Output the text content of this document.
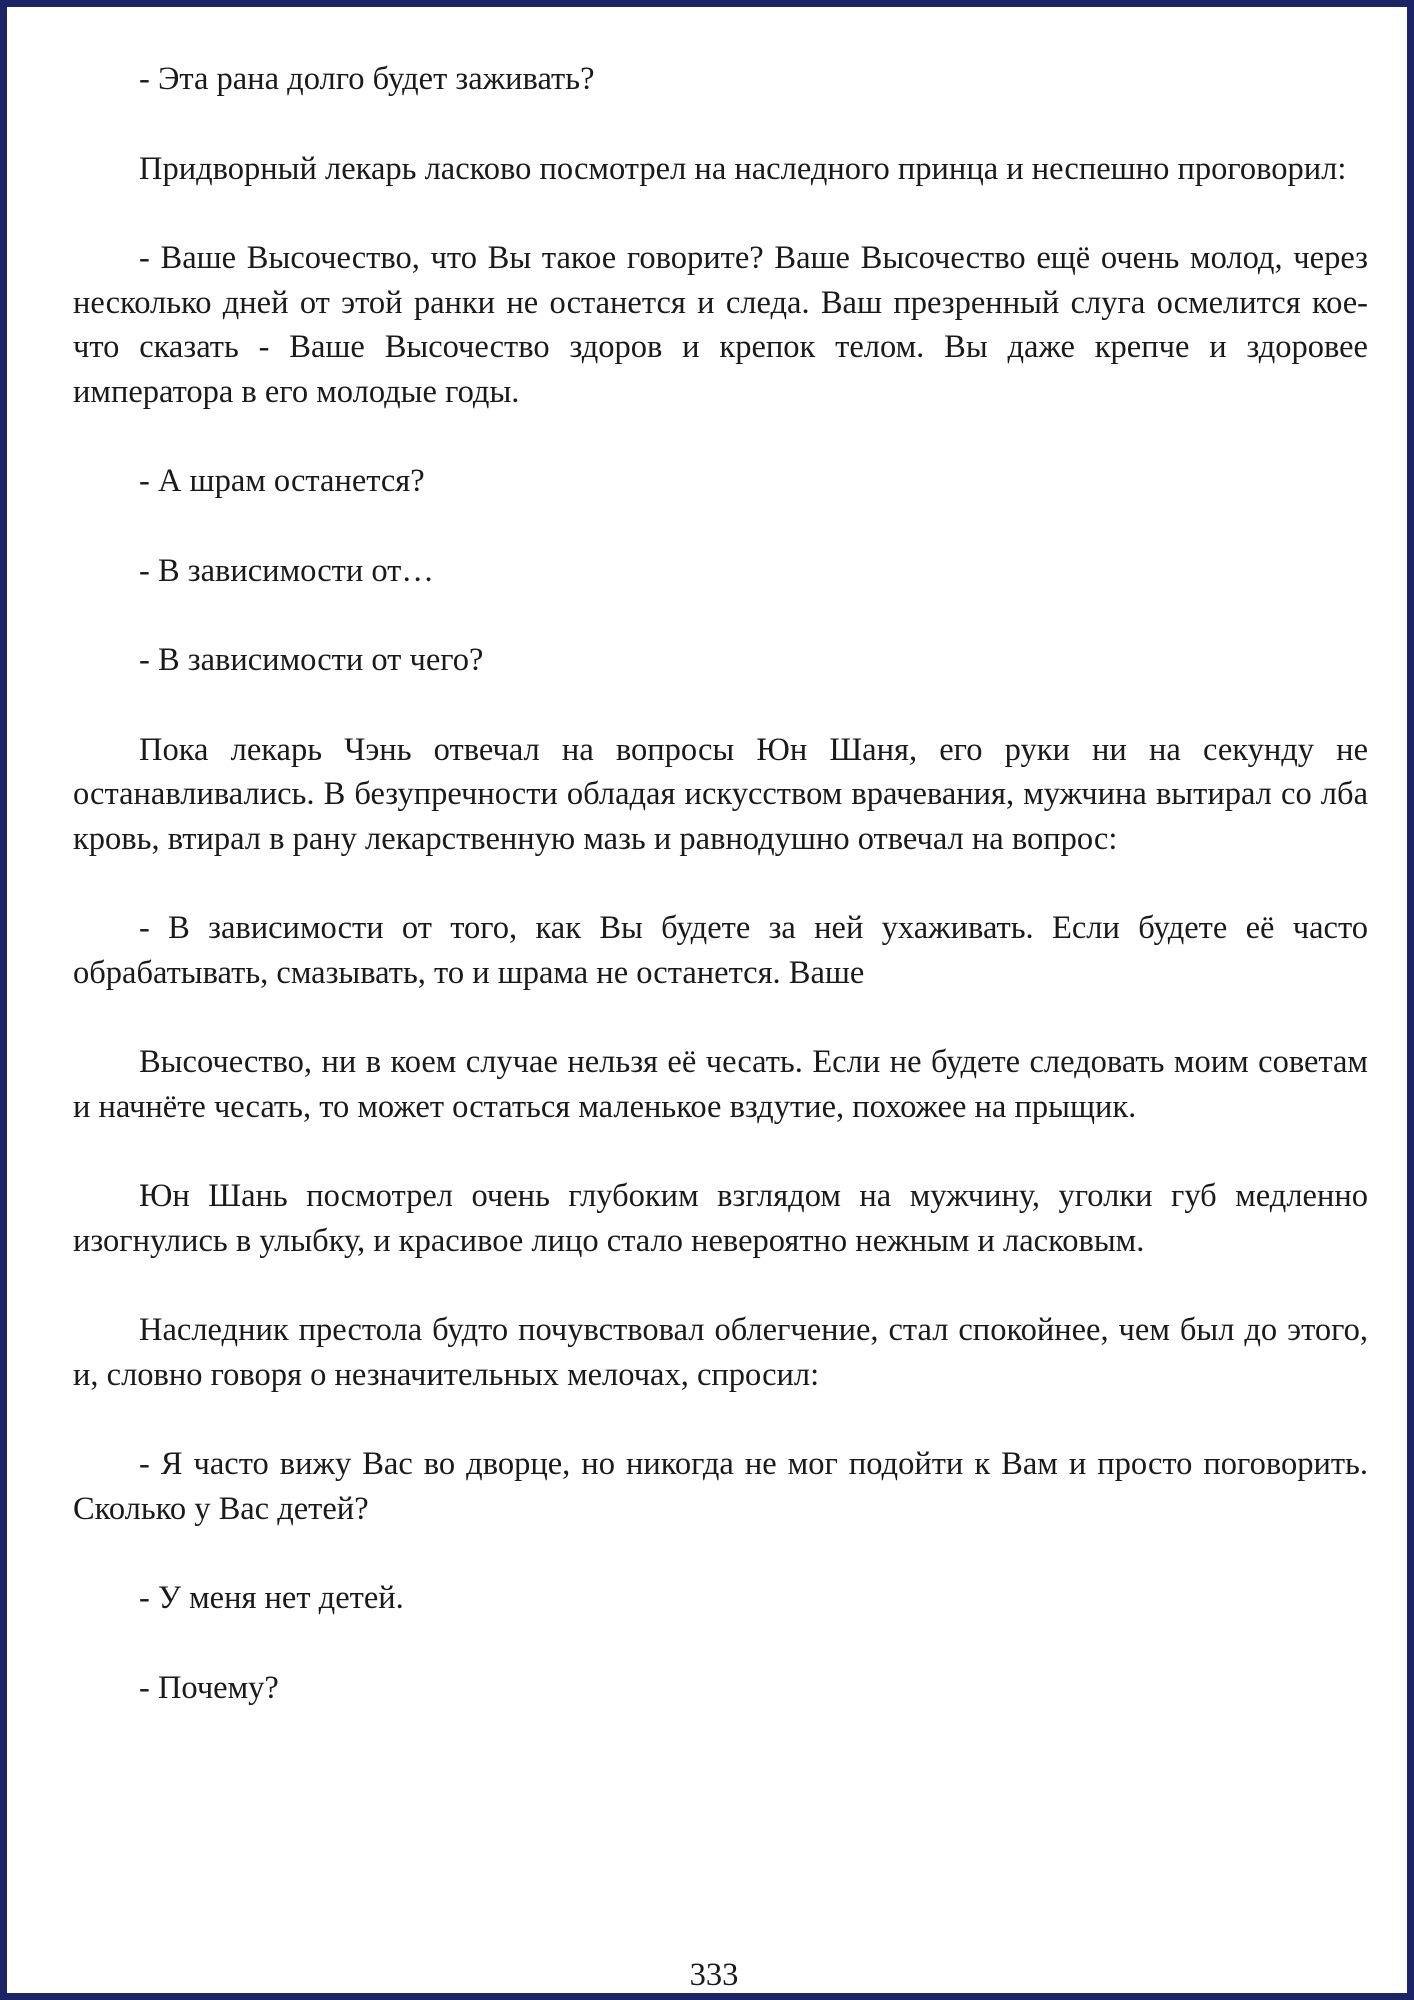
- Эта рана долго будет заживать?

Придворный лекарь ласково посмотрел на наследного принца и неспешно проговорил:

- Ваше Высочество, что Вы такое говорите? Ваше Высочество ещё очень молод, через несколько дней от этой ранки не останется и следа. Ваш презренный слуга осмелится кое-что сказать - Ваше Высочество здоров и крепок телом. Вы даже крепче и здоровее императора в его молодые годы.

- А шрам останется?

- В зависимости от…

- В зависимости от чего?

Пока лекарь Чэнь отвечал на вопросы Юн Шаня, его руки ни на секунду не останавливались. В безупречности обладая искусством врачевания, мужчина вытирал со лба кровь, втирал в рану лекарственную мазь и равнодушно отвечал на вопрос:

- В зависимости от того, как Вы будете за ней ухаживать. Если будете её часто обрабатывать, смазывать, то и шрама не останется. Ваше

Высочество, ни в коем случае нельзя её чесать. Если не будете следовать моим советам и начнёте чесать, то может остаться маленькое вздутие, похожее на прыщик.

Юн Шань посмотрел очень глубоким взглядом на мужчину, уголки губ медленно изогнулись в улыбку, и красивое лицо стало невероятно нежным и ласковым.

Наследник престола будто почувствовал облегчение, стал спокойнее, чем был до этого, и, словно говоря о незначительных мелочах, спросил:

- Я часто вижу Вас во дворце, но никогда не мог подойти к Вам и просто поговорить. Сколько у Вас детей?

- У меня нет детей.

- Почему?

333
